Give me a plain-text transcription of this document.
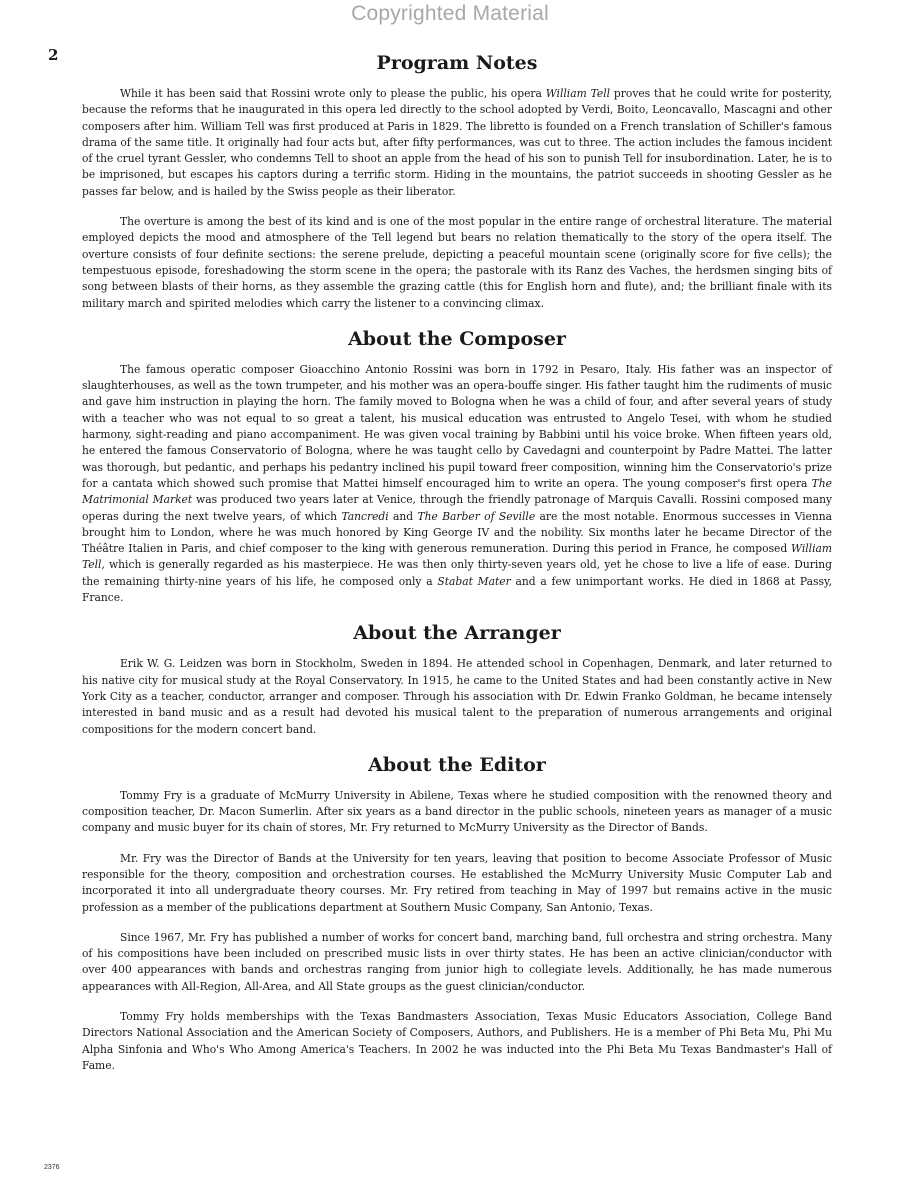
Copyrighted Material
2	Program Notes

While it has been said that Rossini wrote only to please the public, his opera William Tell proves that he could write for posterity, because the reforms that he inaugurated in this opera led directly to the school adopted by Verdi, Boito, Leoncavallo, Mascagni and other composers after him. William Tell was first produced at Paris in 1829. The libretto is founded on a French translation of Schiller's famous drama of the same title. It originally had four acts but, after fifty performances, was cut to three. The action includes the famous incident of the cruel tyrant Gessler, who condemns Tell to shoot an apple from the head of his son to punish Tell for insubordination. Later, he is to be imprisoned, but escapes his captors during a terrific storm. Hiding in the mountains, the patriot succeeds in shooting Gessler as he passes far below, and is hailed by the Swiss people as their liberator.

The overture is among the best of its kind and is one of the most popular in the entire range of orchestral literature. The material employed depicts the mood and atmosphere of the Tell legend but bears no relation thematically to the story of the opera itself. The overture consists of four definite sections: the serene prelude, depicting a peaceful mountain scene (originally score for five cells); the tempestuous episode, foreshadowing the storm scene in the opera; the pastorale with its Ranz des Vaches, the herdsmen singing bits of song between blasts of their horns, as they assemble the grazing cattle (this for English horn and flute), and; the brilliant finale with its military march and spirited melodies which carry the listener to a convincing climax.

About the Composer

The famous operatic composer Gioacchino Antonio Rossini was born in 1792 in Pesaro, Italy. His father was an inspector of slaughterhouses, as well as the town trumpeter, and his mother was an opera-bouffe singer. His father taught him the rudiments of music and gave him instruction in playing the horn. The family moved to Bologna when he was a child of four, and after several years of study with a teacher who was not equal to so great a talent, his musical education was entrusted to Angelo Tesei, with whom he studied harmony, sight-reading and piano accompaniment. He was given vocal training by Babbini until his voice broke. When fifteen years old, he entered the famous Conservatorio of Bologna, where he was taught cello by Cavedagni and counterpoint by Padre Mattei. The latter was thorough, but pedantic, and perhaps his pedantry inclined his pupil toward freer composition, winning him the Conservatorio's prize for a cantata which showed such promise that Mattei himself encouraged him to write an opera. The young composer's first opera The Matrimonial Market was produced two years later at Venice, through the friendly patronage of Marquis Cavalli. Rossini composed many operas during the next twelve years, of which Tancredi and The Barber of Seville are the most notable. Enormous successes in Vienna brought him to London, where he was much honored by King George IV and the nobility. Six months later he became Director of the Théâtre Italien in Paris, and chief composer to the king with generous remuneration. During this period in France, he composed William Tell, which is generally regarded as his masterpiece. He was then only thirty-seven years old, yet he chose to live a life of ease. During the remaining thirty-nine years of his life, he composed only a Stabat Mater and a few unimportant works. He died in 1868 at Passy, France.

About the Arranger

Erik W. G. Leidzen was born in Stockholm, Sweden in 1894. He attended school in Copenhagen, Denmark, and later returned to his native city for musical study at the Royal Conservatory. In 1915, he came to the United States and had been constantly active in New York City as a teacher, conductor, arranger and composer. Through his association with Dr. Edwin Franko Goldman, he became intensely interested in band music and as a result had devoted his musical talent to the preparation of numerous arrangements and original compositions for the modern concert band.

About the Editor

Tommy Fry is a graduate of McMurry University in Abilene, Texas where he studied composition with the renowned theory and composition teacher, Dr. Macon Sumerlin. After six years as a band director in the public schools, nineteen years as manager of a music company and music buyer for its chain of stores, Mr. Fry returned to McMurry University as the Director of Bands.

Mr. Fry was the Director of Bands at the University for ten years, leaving that position to become Associate Professor of Music responsible for the theory, composition and orchestration courses. He established the McMurry University Music Computer Lab and incorporated it into all undergraduate theory courses. Mr. Fry retired from teaching in May of 1997 but remains active in the music profession as a member of the publications department at Southern Music Company, San Antonio, Texas.

Since 1967, Mr. Fry has published a number of works for concert band, marching band, full orchestra and string orchestra. Many of his compositions have been included on prescribed music lists in over thirty states. He has been an active clinician/conductor with over 400 appearances with bands and orchestras ranging from junior high to collegiate levels. Additionally, he has made numerous appearances with All-Region, All-Area, and All State groups as the guest clinician/conductor.

Tommy Fry holds memberships with the Texas Bandmasters Association, Texas Music Educators Association, College Band Directors National Association and the American Society of Composers, Authors, and Publishers. He is a member of Phi Beta Mu, Phi Mu Alpha Sinfonia and Who's Who Among America's Teachers. In 2002 he was inducted into the Phi Beta Mu Texas Bandmaster's Hall of Fame.

2376
